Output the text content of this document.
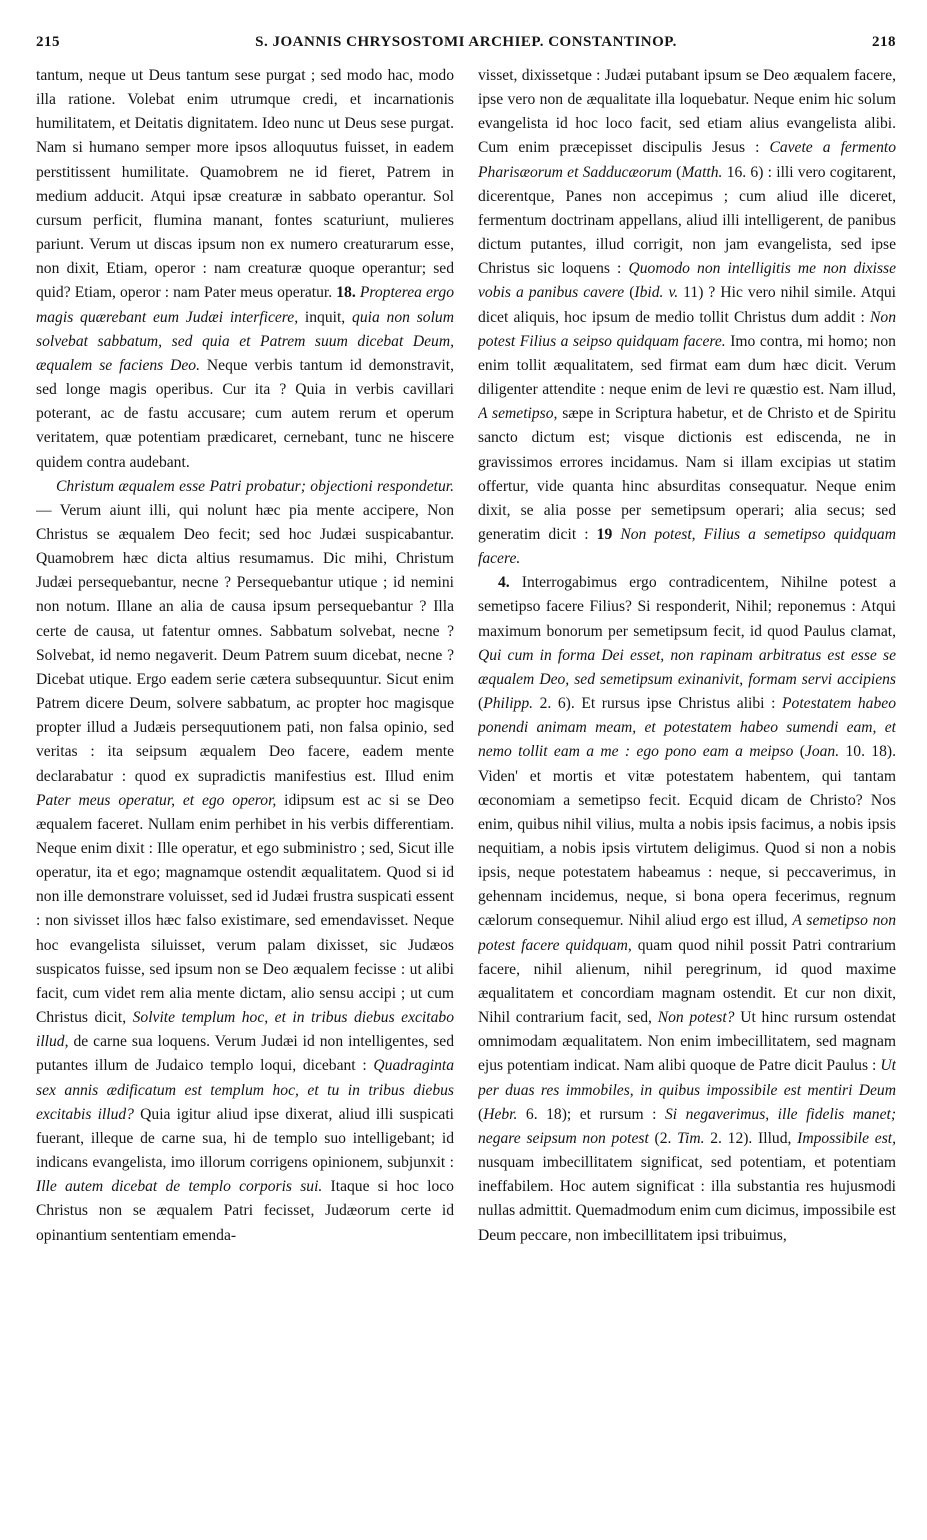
215	S. JOANNIS CHRYSOSTOMI ARCHIEP. CONSTANTINOP.	218

tantum, neque ut Deus tantum sese purgat ; sed modo hac, modo illa ratione. Volebat enim utrumque credi, et incarnationis humilitatem, et Deitatis dignitatem. Ideo nunc ut Deus sese purgat. Nam si humano semper more ipsos alloquutus fuisset, in eadem perstitissent humilitate. Quamobrem ne id fieret, Patrem in medium adducit. Atqui ipsæ creaturæ in sabbato operantur. Sol cursum perficit, flumina manant, fontes scaturiunt, mulieres pariunt. Verum ut discas ipsum non ex numero creaturarum esse, non dixit, Etiam, operor : nam creaturæ quoque operantur; sed quid? Etiam, operor : nam Pater meus operatur. 18. Propterea ergo magis quærebant eum Judæi interficere, inquit, quia non solum solvebat sabbatum, sed quia et Patrem suum dicebat Deum, æqualem se faciens Deo. Neque verbis tantum id demonstravit, sed longe magis operibus. Cur ita ? Quia in verbis cavillari poterant, ac de fastu accusare; cum autem rerum et operum veritatem, quæ potentiam prædicaret, cernebant, tunc ne hiscere quidem contra audebant.

Christum æqualem esse Patri probatur; objectioni respondetur. — Verum aiunt illi, qui nolunt hæc pia mente accipere, Non Christus se æqualem Deo fecit; sed hoc Judæi suspicabantur. Quamobrem hæc dicta altius resumamus. Dic mihi, Christum Judæi persequebantur, necne ? Persequebantur utique ; id nemini non notum. Illane an alia de causa ipsum persequebantur ? Illa certe de causa, ut fatentur omnes. Sabbatum solvebat, necne ? Solvebat, id nemo negaverit. Deum Patrem suum dicebat, necne ? Dicebat utique. Ergo eadem serie cætera subsequuntur. Sicut enim Patrem dicere Deum, solvere sabbatum, ac propter hoc magisque propter illud a Judæis persequutionem pati, non falsa opinio, sed veritas : ita seipsum æqualem Deo facere, eadem mente declarabatur : quod ex supradictis manifestius est. Illud enim Pater meus operatur, et ego operor, idipsum est ac si se Deo æqualem faceret. Nullam enim perhibet in his verbis differentiam. Neque enim dixit : Ille operatur, et ego subministro ; sed, Sicut ille operatur, ita et ego; magnamque ostendit æqualitatem. Quod si id non ille demonstrare voluisset, sed id Judæi frustra suspicati essent : non sivisset illos hæc falso existimare, sed emendavisset. Neque hoc evangelista siluisset, verum palam dixisset, sic Judæos suspicatos fuisse, sed ipsum non se Deo æqualem fecisse : ut alibi facit, cum videt rem alia mente dictam, alio sensu accipi ; ut cum Christus dicit, Solvite templum hoc, et in tribus diebus excitabo illud, de carne sua loquens. Verum Judæi id non intelligentes, sed putantes illum de Judaico templo loqui, dicebant : Quadraginta sex annis ædificatum est templum hoc, et tu in tribus diebus excitabis illud? Quia igitur aliud ipse dixerat, aliud illi suspicati fuerant, illeque de carne sua, hi de templo suo intelligebant; id indicans evangelista, imo illorum corrigens opinionem, subjunxit : Ille autem dicebat de templo corporis sui. Itaque si hoc loco Christus non se æqualem Patri fecisset, Judæorum certe id opinantium sententiam emenda-

visset, dixissetque : Judæi putabant ipsum se Deo æqualem facere, ipse vero non de æqualitate illa loquebatur. Neque enim hic solum evangelista id hoc loco facit, sed etiam alius evangelista alibi. Cum enim præcepisset discipulis Jesus : Cavete a fermento Pharisæorum et Sadducæorum (Matth. 16. 6) : illi vero cogitarent, dicerentque, Panes non accepimus ; cum aliud ille diceret, fermentum doctrinam appellans, aliud illi intelligerent, de panibus dictum putantes, illud corrigit, non jam evangelista, sed ipse Christus sic loquens : Quomodo non intelligitis me non dixisse vobis a panibus cavere (Ibid. v. 11) ? Hic vero nihil simile. Atqui dicet aliquis, hoc ipsum de medio tollit Christus dum addit : Non potest Filius a seipso quidquam facere. Imo contra, mi homo; non enim tollit æqualitatem, sed firmat eam dum hæc dicit. Verum diligenter attendite : neque enim de levi re quæstio est. Nam illud, A semetipso, sæpe in Scriptura habetur, et de Christo et de Spiritu sancto dictum est; visque dictionis est ediscenda, ne in gravissimos errores incidamus. Nam si illam excipias ut statim offertur, vide quanta hinc absurditas consequatur. Neque enim dixit, se alia posse per semetipsum operari; alia secus; sed generatim dicit : 19 Non potest, Filius a semetipso quidquam facere.

4. Interrogabimus ergo contradicentem, Nihilne potest a semetipso facere Filius? Si responderit, Nihil; reponemus : Atqui maximum bonorum per semetipsum fecit, id quod Paulus clamat, Qui cum in forma Dei esset, non rapinam arbitratus est esse se æqualem Deo, sed semetipsum exinanivit, formam servi accipiens (Philipp. 2. 6). Et rursus ipse Christus alibi : Potestatem habeo ponendi animam meam, et potestatem habeo sumendi eam, et nemo tollit eam a me : ego pono eam a meipso (Joan. 10. 18). Viden' et mortis et vitæ potestatem habentem, qui tantam œconomiam a semetipso fecit. Ecquid dicam de Christo? Nos enim, quibus nihil vilius, multa a nobis ipsis facimus, a nobis ipsis nequitiam, a nobis ipsis virtutem deligimus. Quod si non a nobis ipsis, neque potestatem habeamus : neque, si peccaverimus, in gehennam incidemus, neque, si bona opera fecerimus, regnum cælorum consequemur. Nihil aliud ergo est illud, A semetipso non potest facere quidquam, quam quod nihil possit Patri contrarium facere, nihil alienum, nihil peregrinum, id quod maxime æqualitatem et concordiam magnam ostendit. Et cur non dixit, Nihil contrarium facit, sed, Non potest? Ut hinc rursum ostendat omnimodam æqualitatem. Non enim imbecillitatem, sed magnam ejus potentiam indicat. Nam alibi quoque de Patre dicit Paulus : Ut per duas res immobiles, in quibus impossibile est mentiri Deum (Hebr. 6. 18); et rursum : Si negaverimus, ille fidelis manet; negare seipsum non potest (2. Tim. 2. 12). Illud, Impossibile est, nusquam imbecillitatem significat, sed potentiam, et potentiam ineffabilem. Hoc autem significat : illa substantia res hujusmodi nullas admittit. Quemadmodum enim cum dicimus, impossibile est Deum peccare, non imbecillitatem ipsi tribuimus,
